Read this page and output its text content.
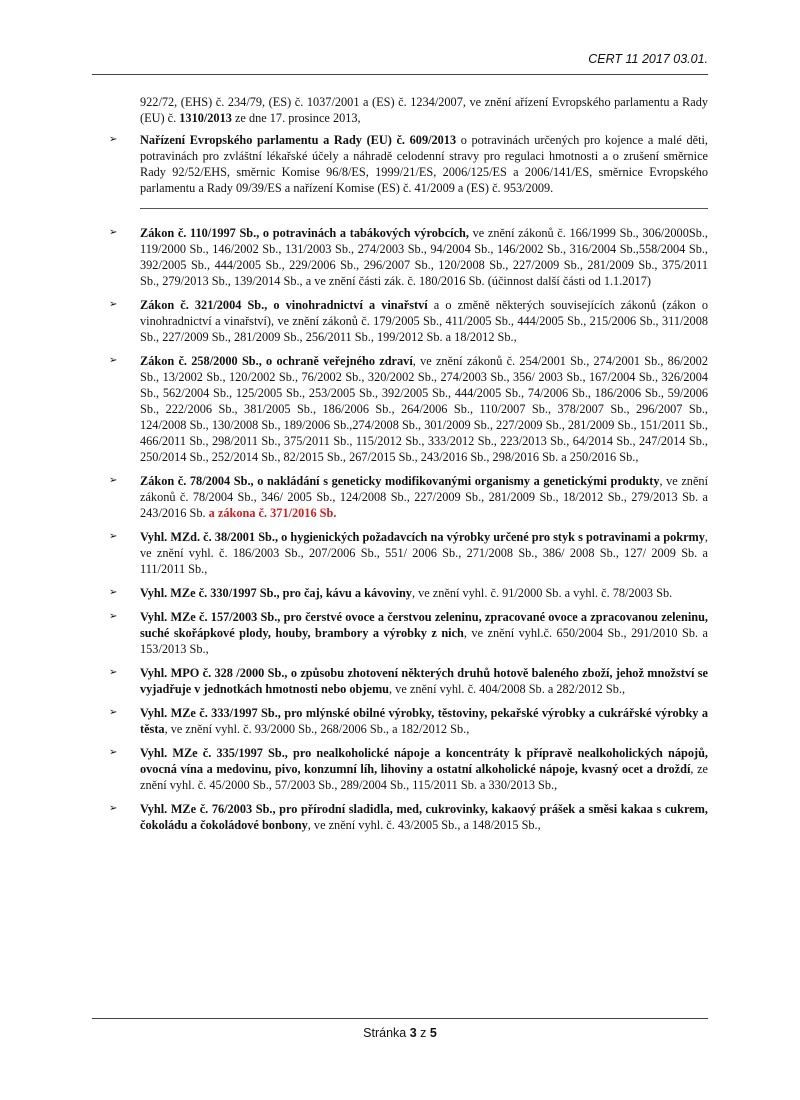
CERT 11 2017 03.01.

922/72, (EHS) č. 234/79, (ES) č. 1037/2001 a (ES) č. 1234/2007, ve znění ařízení Evropského parlamentu a Rady (EU) č. 1310/2013 ze dne 17. prosince 2013,

➢ Nařízení Evropského parlamentu a Rady (EU) č. 609/2013 o potravinách určených pro kojence a malé děti, potravinách pro zvláštní lékařské účely a náhradě celodenní stravy pro regulaci hmotnosti a o zrušení směrnice Rady 92/52/EHS, směrnic Komise 96/8/ES, 1999/21/ES, 2006/125/ES a 2006/141/ES, směrnice Evropského parlamentu a Rady 09/39/ES a nařízení Komise (ES) č. 41/2009 a (ES) č. 953/2009.
➢ Zákon č. 110/1997 Sb., o potravinách a tabákových výrobcích, ve znění zákonů č. 166/1999 Sb., 306/2000Sb., 119/2000 Sb., 146/2002 Sb., 131/2003 Sb., 274/2003 Sb., 94/2004 Sb., 146/2002 Sb., 316/2004 Sb.,558/2004 Sb., 392/2005 Sb., 444/2005 Sb., 229/2006 Sb., 296/2007 Sb., 120/2008 Sb., 227/2009 Sb., 281/2009 Sb., 375/2011 Sb., 279/2013 Sb., 139/2014 Sb., a ve znění části zák. č. 180/2016 Sb. (účinnost další části od 1.1.2017)
➢ Zákon č. 321/2004 Sb., o vinohradnictví a vinařství a o změně některých souvisejících zákonů (zákon o vinohradnictví a vinařství), ve znění zákonů č. 179/2005 Sb., 411/2005 Sb., 444/2005 Sb., 215/2006 Sb., 311/2008 Sb., 227/2009 Sb., 281/2009 Sb., 256/2011 Sb., 199/2012 Sb. a 18/2012 Sb.,
➢ Zákon č. 258/2000 Sb., o ochraně veřejného zdraví, ve znění zákonů č. 254/2001 Sb., 274/2001 Sb., 86/2002 Sb., 13/2002 Sb., 120/2002 Sb., 76/2002 Sb., 320/2002 Sb., 274/2003 Sb., 356/ 2003 Sb., 167/2004 Sb., 326/2004 Sb., 562/2004 Sb., 125/2005 Sb., 253/2005 Sb., 392/2005 Sb., 444/2005 Sb., 74/2006 Sb., 186/2006 Sb., 59/2006 Sb., 222/2006 Sb., 381/2005 Sb., 186/2006 Sb., 264/2006 Sb., 110/2007 Sb., 378/2007 Sb., 296/2007 Sb., 124/2008 Sb., 130/2008 Sb., 189/2006 Sb.,274/2008 Sb., 301/2009 Sb., 227/2009 Sb., 281/2009 Sb., 151/2011 Sb., 466/2011 Sb., 298/2011 Sb., 375/2011 Sb., 115/2012 Sb., 333/2012 Sb., 223/2013 Sb., 64/2014 Sb., 247/2014 Sb., 250/2014 Sb., 252/2014 Sb., 82/2015 Sb., 267/2015 Sb., 243/2016 Sb., 298/2016 Sb. a 250/2016 Sb.,
➢ Zákon č. 78/2004 Sb., o nakládání s geneticky modifikovanými organismy a genetickými produkty, ve znění zákonů č. 78/2004 Sb., 346/ 2005 Sb., 124/2008 Sb., 227/2009 Sb., 281/2009 Sb., 18/2012 Sb., 279/2013 Sb. a 243/2016 Sb. a zákona č. 371/2016 Sb.
➢ Vyhl. MZd. č. 38/2001 Sb., o hygienických požadavcích na výrobky určené pro styk s potravinami a pokrmy, ve znění vyhl. č. 186/2003 Sb., 207/2006 Sb., 551/ 2006 Sb., 271/2008 Sb., 386/ 2008 Sb., 127/ 2009 Sb. a 111/2011 Sb.,
➢ Vyhl. MZe č. 330/1997 Sb., pro čaj, kávu a kávoviny, ve znění vyhl. č. 91/2000 Sb. a vyhl. č. 78/2003 Sb.
➢ Vyhl. MZe č. 157/2003 Sb., pro čerstvé ovoce a čerstvou zeleninu, zpracované ovoce a zpracovanou zeleninu, suché skořápkové plody, houby, brambory a výrobky z nich, ve znění vyhl.č. 650/2004 Sb., 291/2010 Sb. a 153/2013 Sb.,
➢ Vyhl. MPO č. 328 /2000 Sb., o způsobu zhotovení některých druhů hotově baleného zboží, jehož množství se vyjadřuje v jednotkách hmotnosti nebo objemu, ve znění vyhl. č. 404/2008 Sb. a 282/2012 Sb.,
➢ Vyhl. MZe č. 333/1997 Sb., pro mlýnské obilné výrobky, těstoviny, pekařské výrobky a cukrářské výrobky a těsta, ve znění vyhl. č. 93/2000 Sb., 268/2006 Sb., a 182/2012 Sb.,
➢ Vyhl. MZe č. 335/1997 Sb., pro nealkoholické nápoje a koncentráty k přípravě nealkoholických nápojů, ovocná vína a medovinu, pivo, konzumní líh, lihoviny a ostatní alkoholické nápoje, kvasný ocet a droždí, ze znění vyhl. č. 45/2000 Sb., 57/2003 Sb., 289/2004 Sb., 115/2011 Sb. a 330/2013 Sb.,
➢ Vyhl. MZe č. 76/2003 Sb., pro přírodní sladidla, med, cukrovinky, kakaový prášek a směsi kakaa s cukrem, čokoládu a čokoládové bonbony, ve znění vyhl. č. 43/2005 Sb., a 148/2015 Sb.,
Stránka 3 z 5
